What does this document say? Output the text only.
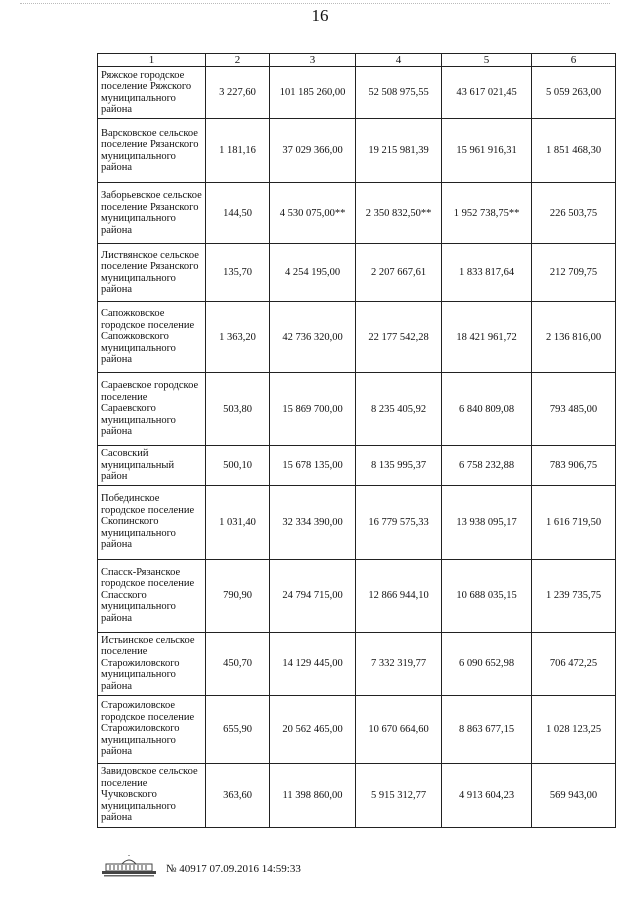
16
1	2	3	4	5	6
Ряжское городское поселение Ряжского муниципального района	3 227,60	101 185 260,00	52 508 975,55	43 617 021,45	5 059 263,00
Варсковское сельское поселение Рязанского муниципального района	1 181,16	37 029 366,00	19 215 981,39	15 961 916,31	1 851 468,30
Заборьевское сельское поселение Рязанского муниципального района	144,50	4 530 075,00**	2 350 832,50**	1 952 738,75**	226 503,75
Листвянское сельское поселение Рязанского муниципального района	135,70	4 254 195,00	2 207 667,61	1 833 817,64	212 709,75
Сапожковское городское поселение Сапожковского муниципального района	1 363,20	42 736 320,00	22 177 542,28	18 421 961,72	2 136 816,00
Сараевское городское поселение Сараевского муниципального района	503,80	15 869 700,00	8 235 405,92	6 840 809,08	793 485,00
Сасовский муниципальный район	500,10	15 678 135,00	8 135 995,37	6 758 232,88	783 906,75
Побединское городское поселение Скопинского муниципального района	1 031,40	32 334 390,00	16 779 575,33	13 938 095,17	1 616 719,50
Спасск-Рязанское городское поселение Спасского муниципального района	790,90	24 794 715,00	12 866 944,10	10 688 035,15	1 239 735,75
Истьинское сельское поселение Старожиловского муниципального района	450,70	14 129 445,00	7 332 319,77	6 090 652,98	706 472,25
Старожиловское городское поселение Старожиловского муниципального района	655,90	20 562 465,00	10 670 664,60	8 863 677,15	1 028 123,25
Завидовское сельское поселение Чучковского муниципального района	363,60	11 398 860,00	5 915 312,77	4 913 604,23	569 943,00
№ 40917 07.09.2016 14:59:33
